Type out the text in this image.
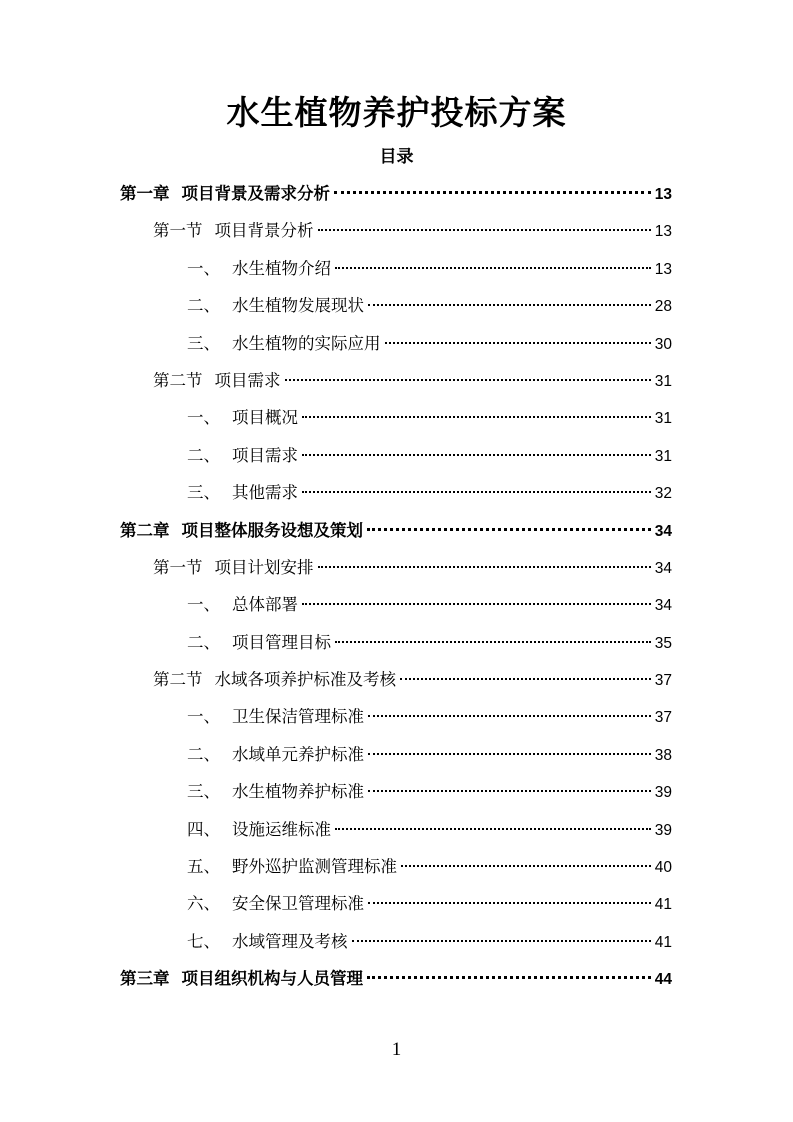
水生植物养护投标方案
目录
第一章 项目背景及需求分析	13
第一节 项目背景分析	13
一、 水生植物介绍	13
二、 水生植物发展现状	28
三、 水生植物的实际应用	30
第二节 项目需求	31
一、 项目概况	31
二、 项目需求	31
三、 其他需求	32
第二章 项目整体服务设想及策划	34
第一节 项目计划安排	34
一、 总体部署	34
二、 项目管理目标	35
第二节 水域各项养护标准及考核	37
一、 卫生保洁管理标准	37
二、 水域单元养护标准	38
三、 水生植物养护标准	39
四、 设施运维标准	39
五、 野外巡护监测管理标准	40
六、 安全保卫管理标准	41
七、 水域管理及考核	41
第三章 项目组织机构与人员管理	44
1
